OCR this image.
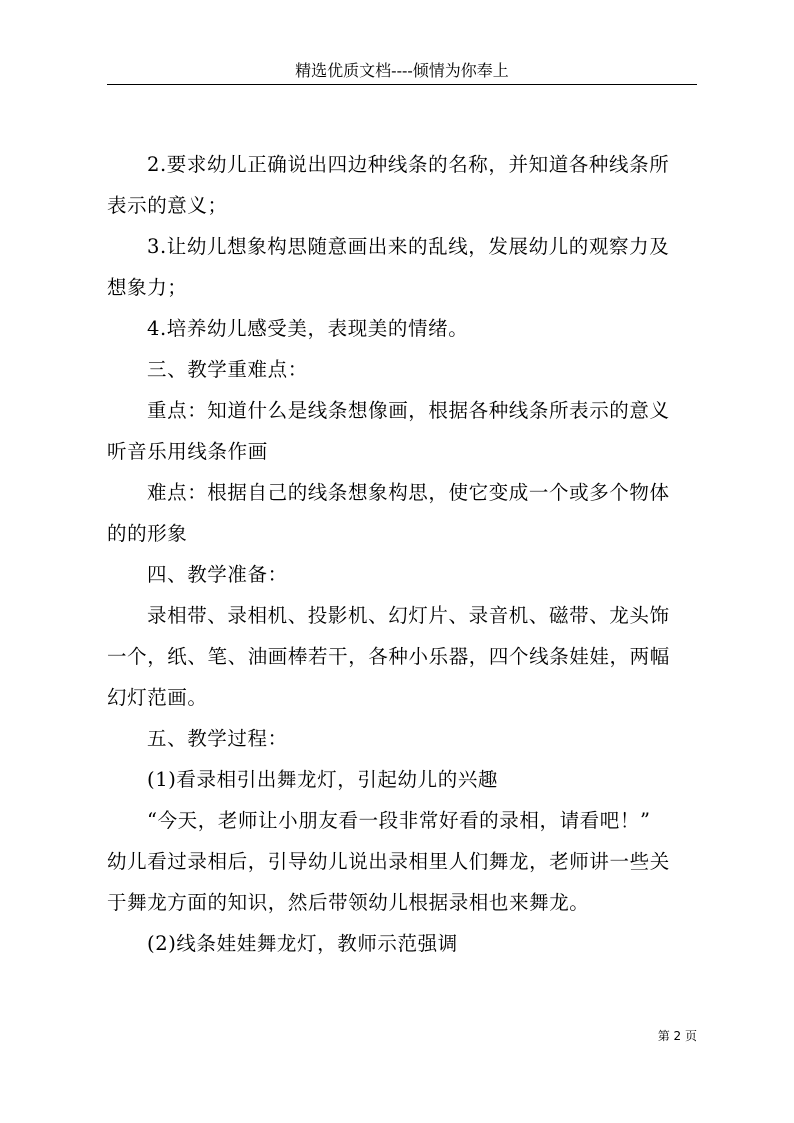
精选优质文档----倾情为你奉上
2.要求幼儿正确说出四边种线条的名称，并知道各种线条所
表示的意义；
3.让幼儿想象构思随意画出来的乱线，发展幼儿的观察力及
想象力；
4.培养幼儿感受美，表现美的情绪。
三、教学重难点：
重点：知道什么是线条想像画，根据各种线条所表示的意义
听音乐用线条作画
难点：根据自己的线条想象构思，使它变成一个或多个物体
的的形象
四、教学准备：
录相带、录相机、投影机、幻灯片、录音机、磁带、龙头饰
一个，纸、笔、油画棒若干，各种小乐器，四个线条娃娃，两幅
幻灯范画。
五、教学过程：
(1)看录相引出舞龙灯，引起幼儿的兴趣
“今天，老师让小朋友看一段非常好看的录相，请看吧！”
幼儿看过录相后，引导幼儿说出录相里人们舞龙，老师讲一些关
于舞龙方面的知识，然后带领幼儿根据录相也来舞龙。
(2)线条娃娃舞龙灯，教师示范强调
第 2 页
